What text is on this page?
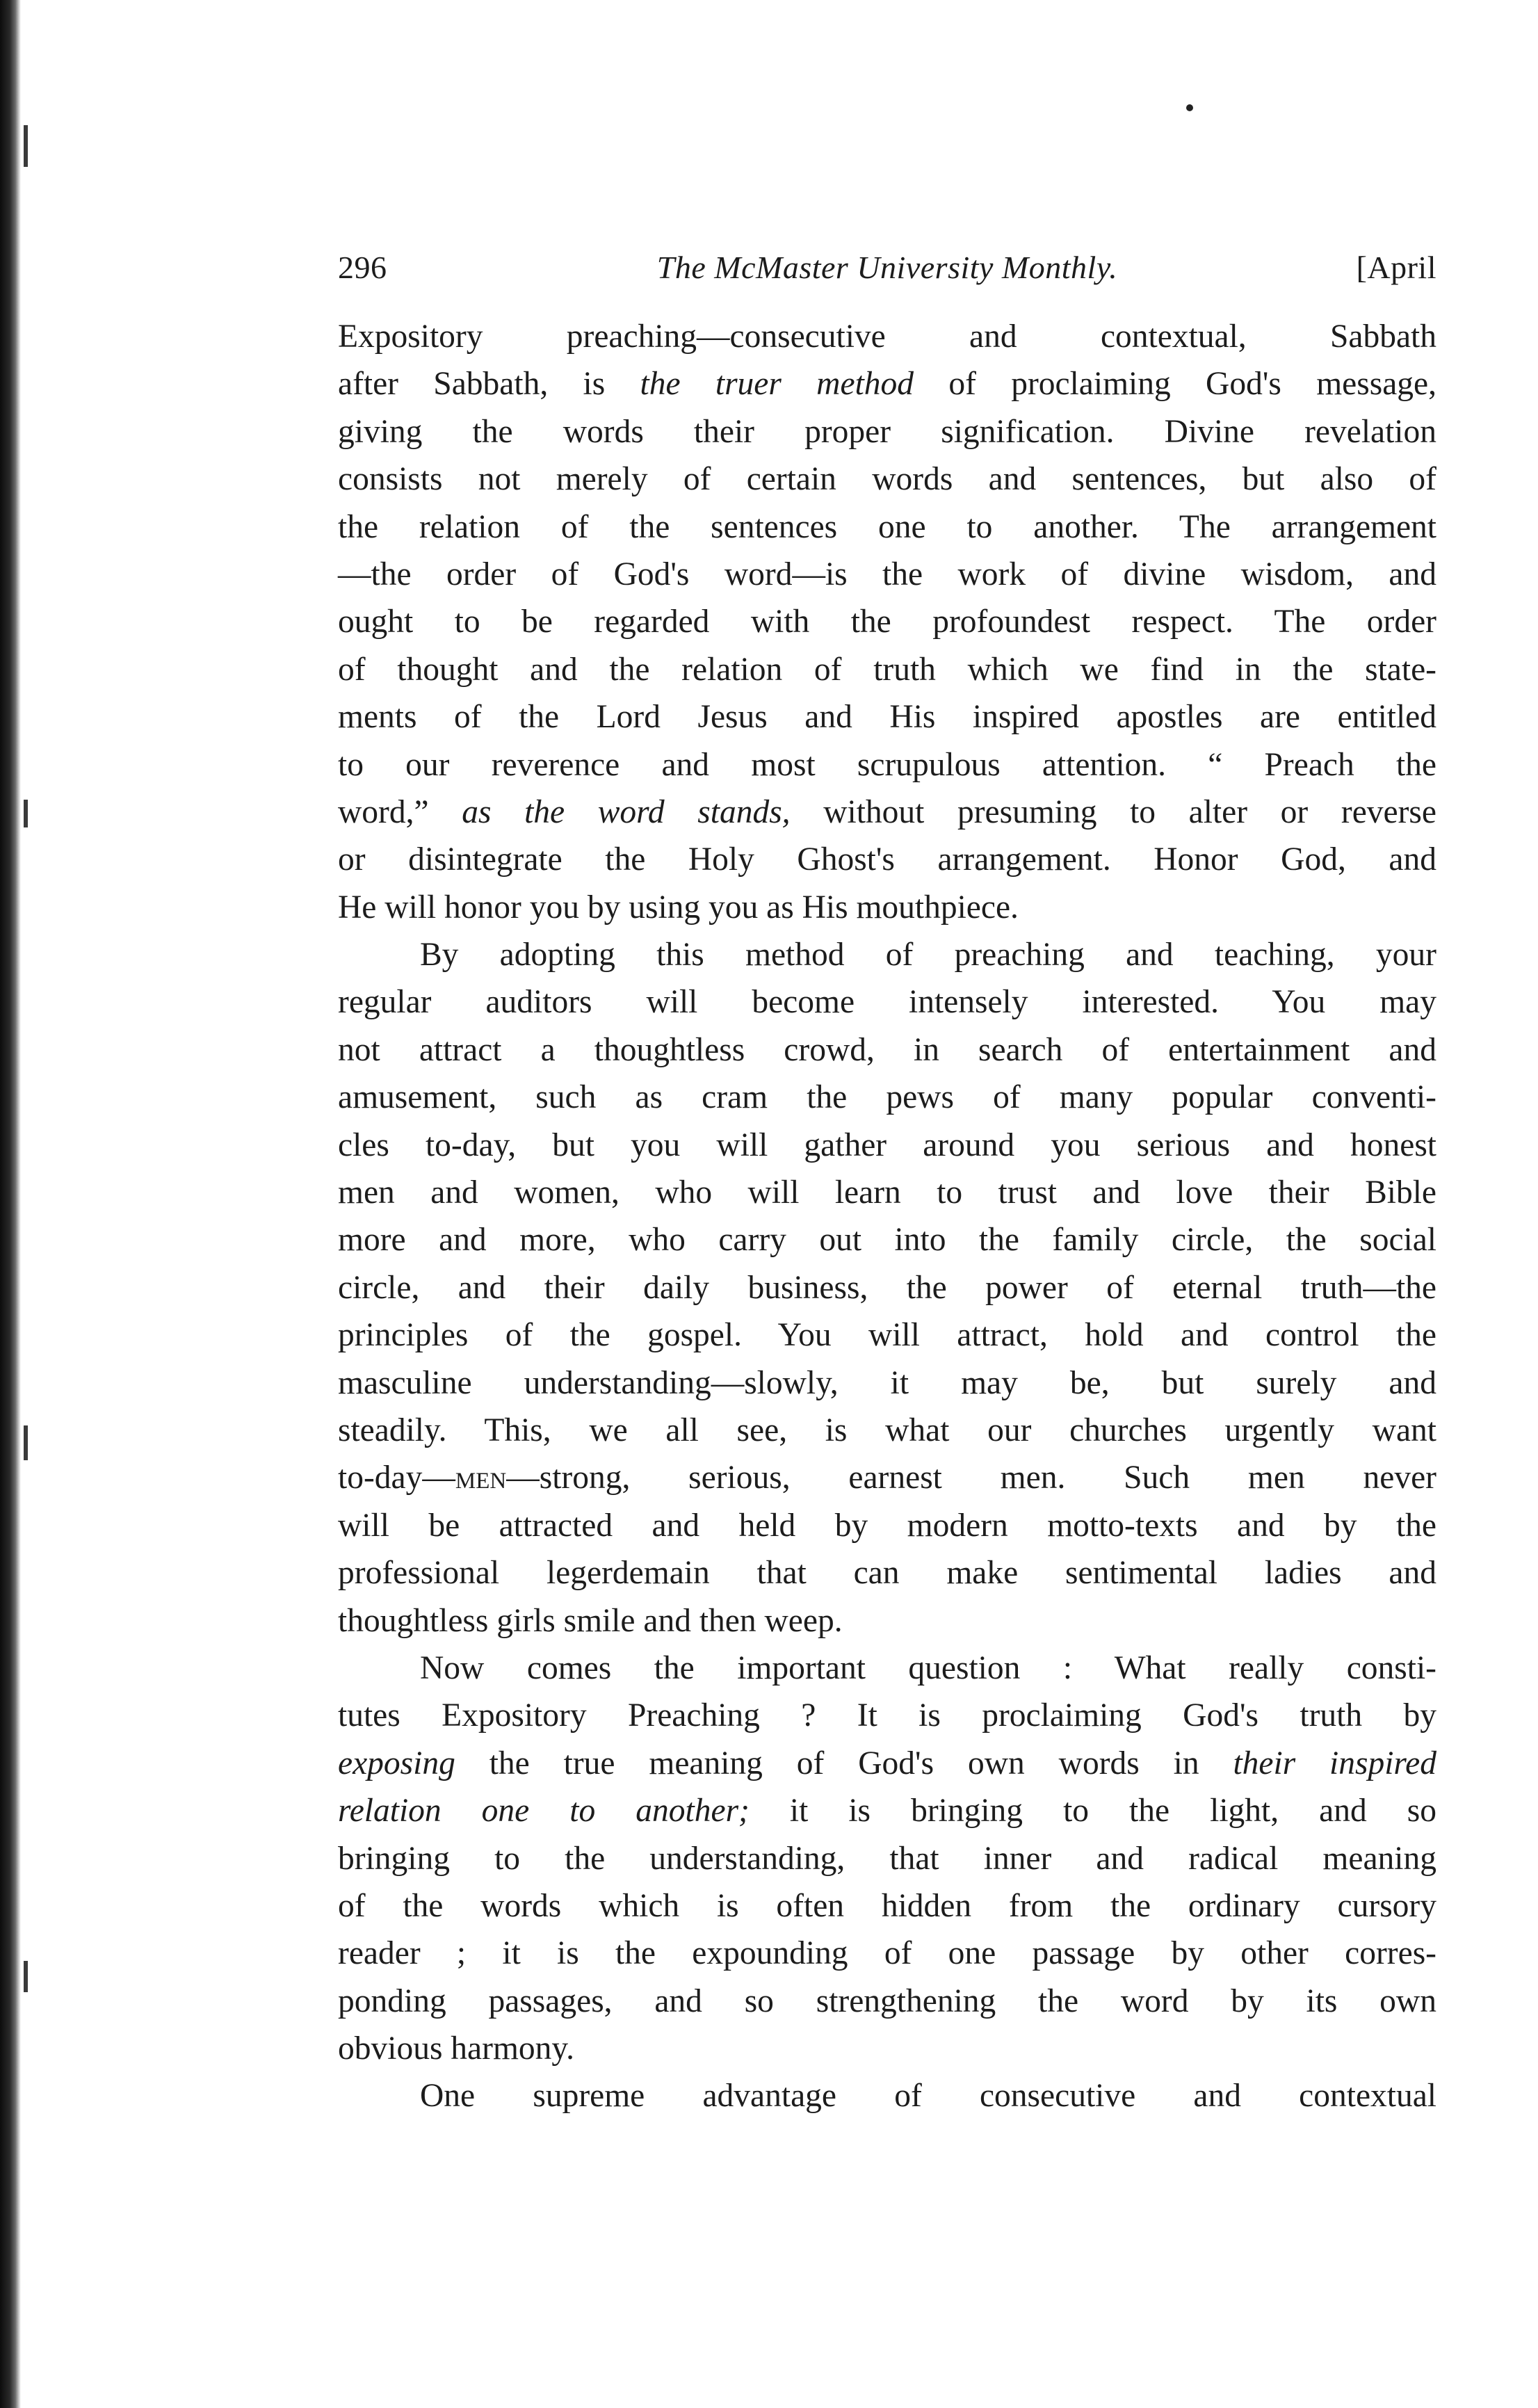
296	The McMaster University Monthly.	[April
Expository preaching—consecutive and contextual, Sabbath
after Sabbath, is the truer method of proclaiming God's message,
giving the words their proper signification. Divine revelation
consists not merely of certain words and sentences, but also of
the relation of the sentences one to another. The arrangement
—the order of God's word—is the work of divine wisdom, and
ought to be regarded with the profoundest respect. The order
of thought and the relation of truth which we find in the state-
ments of the Lord Jesus and His inspired apostles are entitled
to our reverence and most scrupulous attention. “ Preach the
word,” as the word stands, without presuming to alter or reverse
or disintegrate the Holy Ghost's arrangement. Honor God, and
He will honor you by using you as His mouthpiece.
By adopting this method of preaching and teaching, your
regular auditors will become intensely interested. You may
not attract a thoughtless crowd, in search of entertainment and
amusement, such as cram the pews of many popular conventi-
cles to-day, but you will gather around you serious and honest
men and women, who will learn to trust and love their Bible
more and more, who carry out into the family circle, the social
circle, and their daily business, the power of eternal truth—the
principles of the gospel. You will attract, hold and control the
masculine understanding—slowly, it may be, but surely and
steadily. This, we all see, is what our churches urgently want
to-day—men—strong, serious, earnest men. Such men never
will be attracted and held by modern motto-texts and by the
professional legerdemain that can make sentimental ladies and
thoughtless girls smile and then weep.
Now comes the important question : What really consti-
tutes Expository Preaching ? It is proclaiming God's truth by
exposing the true meaning of God's own words in their inspired
relation one to another; it is bringing to the light, and so
bringing to the understanding, that inner and radical meaning
of the words which is often hidden from the ordinary cursory
reader ; it is the expounding of one passage by other corres-
ponding passages, and so strengthening the word by its own
obvious harmony.
One supreme advantage of consecutive and contextual
